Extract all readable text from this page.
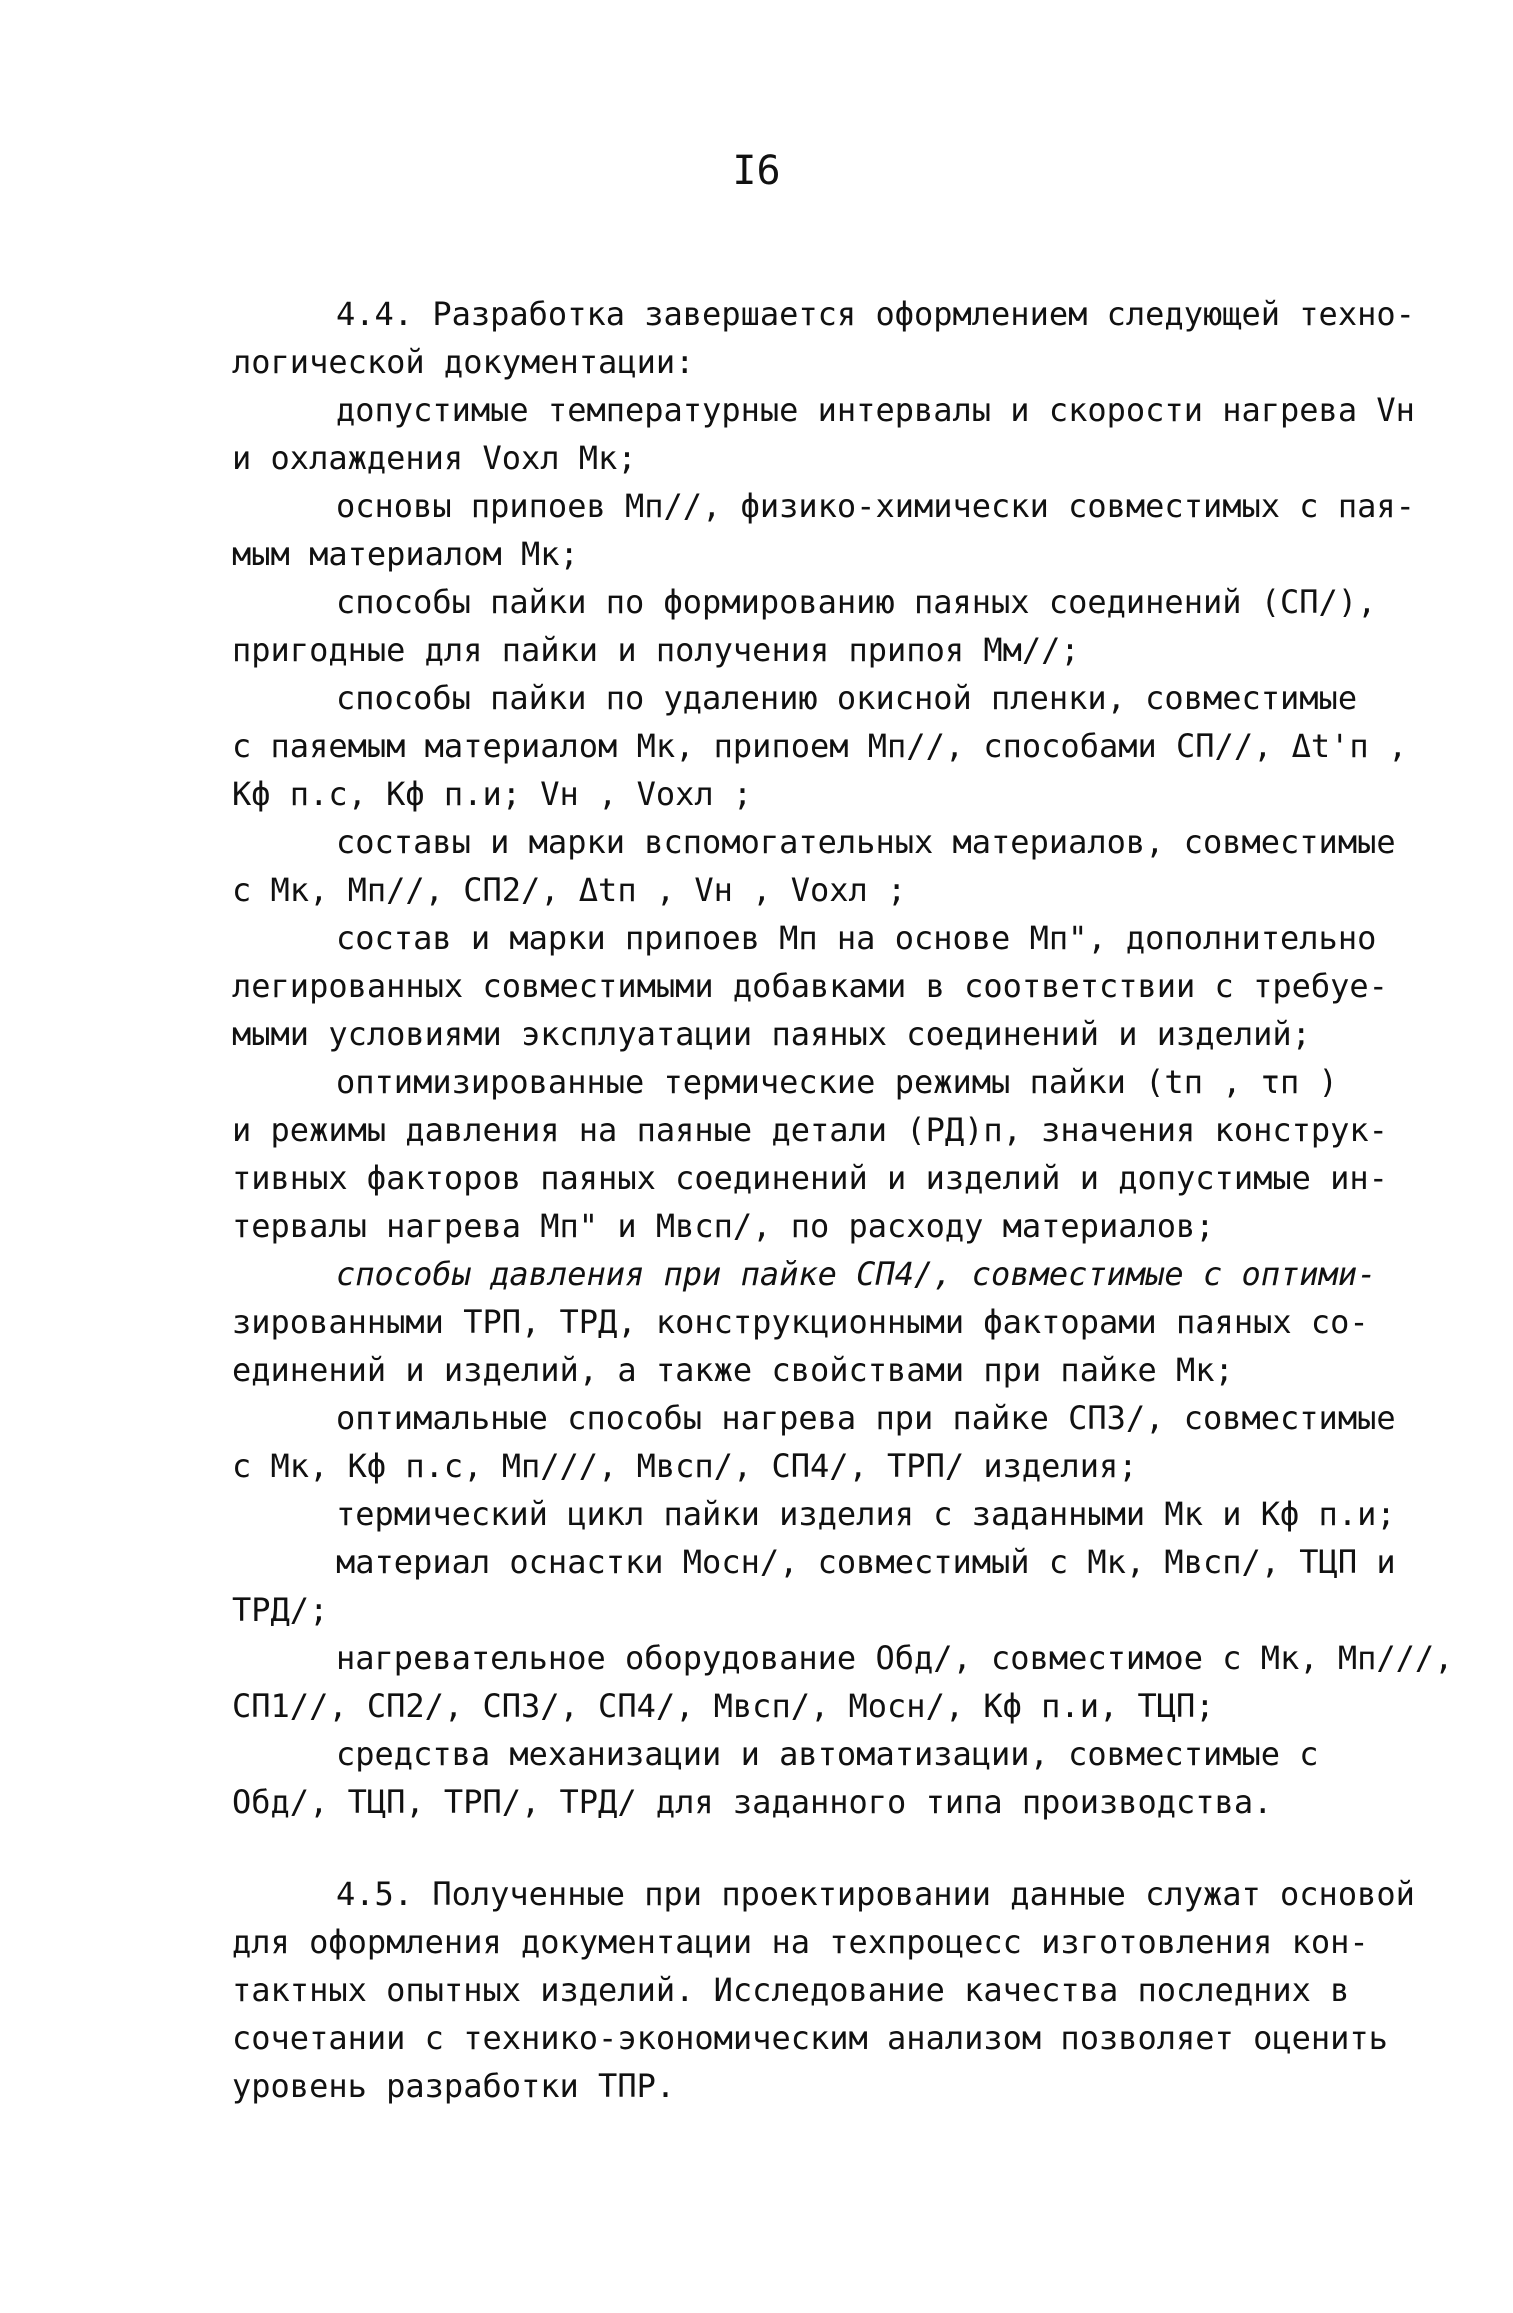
I6
4.4. Разработка завершается оформлением следующей техно-
логической документации:
допустимые температурные интервалы и скорости нагрева Vн
и охлаждения Vохл Mк;
основы припоев Mп//, физико-химически совместимых с пая-
мым материалом Mк;
способы пайки по формированию паяных соединений (СП/),
пригодные для пайки и получения припоя Mм//;
способы пайки по удалению окисной пленки, совместимые
с паяемым материалом Mк, припоем Mп//, способами СП//, Δt'п ,
Kф п.с, Kф п.и; Vн , Vохл ;
составы и марки вспомогательных материалов, совместимые
с Mк, Mп//, СП2/, Δtп , Vн , Vохл ;
состав и марки припоев Mп на основе Mп", дополнительно
легированных совместимыми добавками в соответствии с требуе-
мыми условиями эксплуатации паяных соединений и изделий;
оптимизированные термические режимы пайки (tп , τп )
и режимы давления на паяные детали (РД)п, значения конструк-
тивных факторов паяных соединений и изделий и допустимые ин-
тервалы нагрева Mп" и Mвсп/, по расходу материалов;
способы давления при пайке СП4/, совместимые с оптими-
зированными ТРП, ТРД, конструкционными факторами паяных со-
единений и изделий, а также свойствами при пайке Mк;
оптимальные способы нагрева при пайке СП3/, совместимые
с Mк, Kф п.с, Mп///, Mвсп/, СП4/, ТРП/ изделия;
термический цикл пайки изделия с заданными Mк и Kф п.и;
материал оснастки Mосн/, совместимый с Mк, Mвсп/, ТЦП и
ТРД/;
нагревательное оборудование Обд/, совместимое с Mк, Mп///,
СП1//, СП2/, СП3/, СП4/, Mвсп/, Mосн/, Kф п.и, ТЦП;
средства механизации и автоматизации, совместимые с
Обд/, ТЦП, ТРП/, ТРД/ для заданного типа производства.
4.5. Полученные при проектировании данные служат основой
для оформления документации на техпроцесс изготовления кон-
тактных опытных изделий. Исследование качества последних в
сочетании с технико-экономическим анализом позволяет оценить
уровень разработки ТПР.
